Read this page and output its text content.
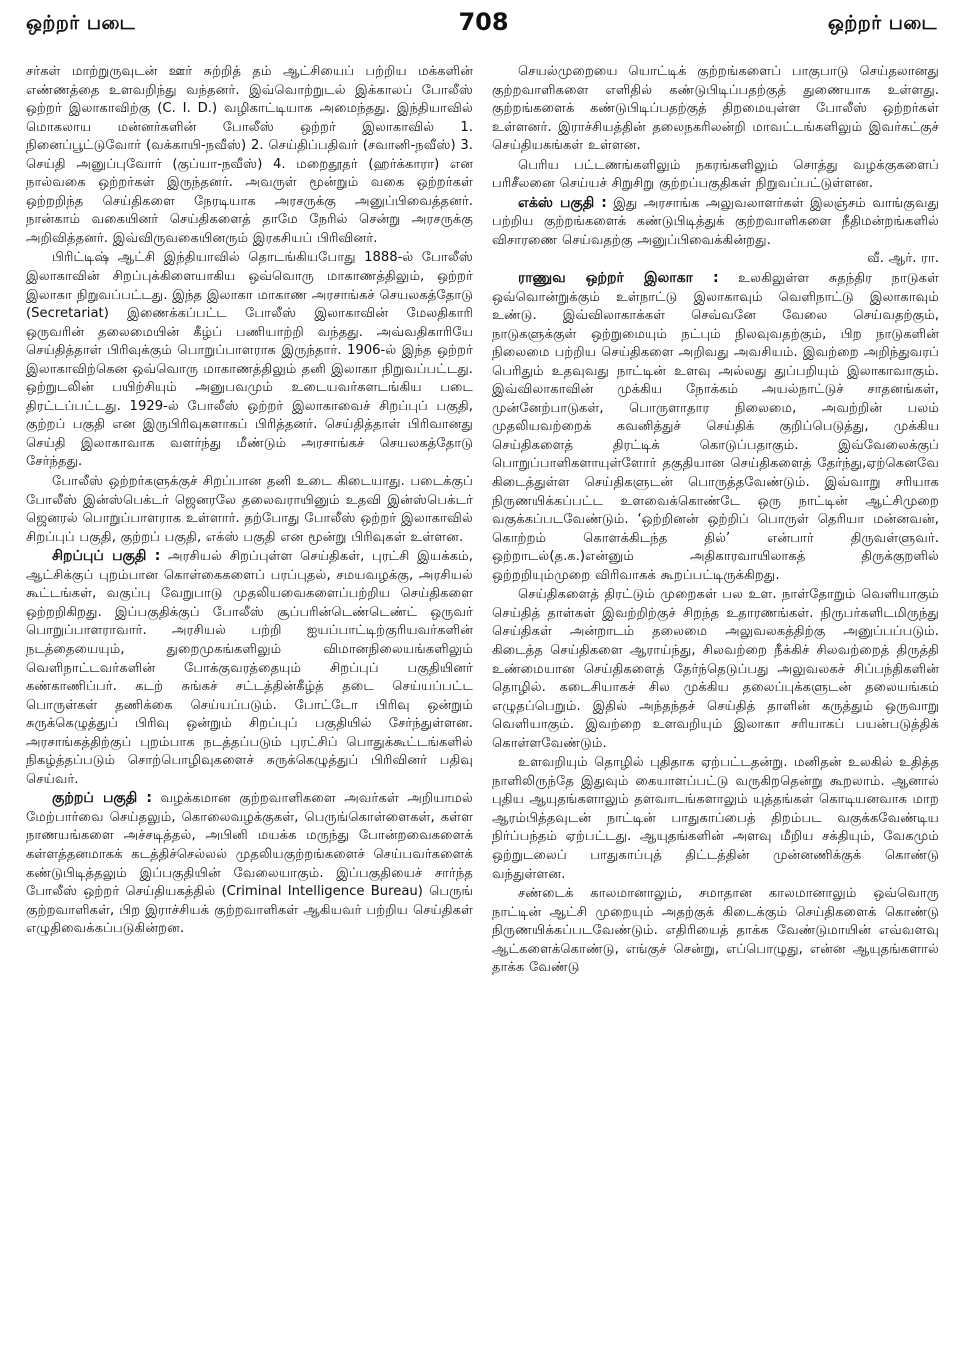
ஒற்றர் படை	708	ஒற்றர் படை

சர்கள் மாற்றுருவுடன் ஊர் சுற்றித் தம் ஆட்சியைப் பற்றிய மக்களின் எண்ணத்தை உளவறிந்து வந்தனர். இவ்வொற்றுடல் இக்காலப் போலீஸ் ஒற்றர் இலாகாவிற்கு (C. I. D.) வழிகாட்டியாக அமைந்தது. இந்தியாவில் மொகலாய மன்னர்களின் போலீஸ் ஒற்றர் இலாகாவில் 1. நினைப்பூட்டுவோர் (வக்காயி-நவீஸ்) 2. செய்திப்பதிவர் (சவானி-நவீஸ்) 3. செய்தி அனுப்புவோர் (குப்யா-நவீஸ்) 4. மறைதூதர் (ஹர்க்காரா) என நால்வகை ஒற்றர்கள் இருந்தனர். அவருள் மூன்றும் வகை ஒற்றர்கள் ஒற்றறிந்த செய்திகளை நேரடியாக அரசருக்கு அனுப்பிவைத்தனர். நான்காம் வகையினர் செய்திகளைத் தாமே நேரில் சென்று அரசருக்கு அறிவித்தனர். இவ்விருவகையினரும் இரகசியப் பிரிவினர்.

பிரிட்டிஷ் ஆட்சி இந்தியாவில் தொடங்கியபோது 1888-ல் போலீஸ் இலாகாவின் சிறப்புக்கிளையாகிய ஒவ்வொரு மாகாணத்திலும், ஒற்றர் இலாகா நிறுவப்பட்டது. இந்த இலாகா மாகாண அரசாங்கச் செயலகத்தோடு (Secretariat) இணைக்கப்பட்ட போலீஸ் இலாகாவின் மேலதிகாரி ஒருவரின் தலைமையின் கீழ்ப் பணியாற்றி வந்தது. அவ்வதிகாரியே செய்தித்தாள் பிரிவுக்கும் பொறுப்பாளராக இருந்தார். 1906-ல் இந்த ஒற்றர் இலாகாவிற்கென ஒவ்வொரு மாகாணத்திலும் தனி இலாகா நிறுவப்பட்டது. ஒற்றுடலின் பயிற்சியும் அனுபவமும் உடையவர்களடங்கிய படை திரட்டப்பட்டது. 1929-ல் போலீஸ் ஒற்றர் இலாகாவைச் சிறப்புப் பகுதி, குற்றப் பகுதி என இருபிரிவுகளாகப் பிரித்தனர். செய்தித்தாள் பிரிவானது செய்தி இலாகாவாக வளர்ந்து மீண்டும் அரசாங்கச் செயலகத்தோடு சேர்ந்தது.

போலீஸ் ஒற்றர்களுக்குச் சிறப்பான தனி உடை கிடையாது. படைக்குப் போலீஸ் இன்ஸ்பெக்டர் ஜெனரலே தலைவராயினும் உதவி இன்ஸ்பெக்டர் ஜெனரல் பொறுப்பாளராக உள்ளார். தற்போது போலீஸ் ஒற்றர் இலாகாவில் சிறப்புப் பகுதி, குற்றப் பகுதி, எக்ஸ் பகுதி என மூன்று பிரிவுகள் உள்ளன.

சிறப்புப் பகுதி : அரசியல் சிறப்புள்ள செய்திகள், புரட்சி இயக்கம், ஆட்சிக்குப் புறம்பான கொள்கைகளைப் பரப்புதல், சமயவழக்கு, அரசியல் கூட்டங்கள், வகுப்பு வேறுபாடு முதலியவைகளைப்பற்றிய செய்திகளை ஒற்றறிகிறது. இப்பகுதிக்குப் போலீஸ் சூப்பரின்டெண்டெண்ட் ஒருவர் பொறுப்பாளராவார். அரசியல் பற்றி ஐயப்பாட்டிற்குரியவர்களின் நடத்தையையும், துறைமுகங்களிலும் விமானநிலையங்களிலும் வெளிநாட்டவர்களின் போக்குவரத்தையும் சிறப்புப் பகுதியினர் கண்காணிப்பர். கடற் சுங்கச் சட்டத்தின்கீழ்த் தடை செய்யப்பட்ட பொருள்கள் தணிக்கை செய்யப்படும். போட்டோ பிரிவு ஒன்றும் சுருக்கெழுத்துப் பிரிவு ஒன்றும் சிறப்புப் பகுதியில் சேர்ந்துள்ளன. அரசாங்கத்திற்குப் புறம்பாக நடத்தப்படும் புரட்சிப் பொதுக்கூட்டங்களில் நிகழ்த்தப்படும் சொற்பொழிவுகளைச் சுருக்கெழுத்துப் பிரிவினர் பதிவு செய்வர்.

குற்றப் பகுதி : வழக்கமான குற்றவாளிகளை அவர்கள் அறியாமல் மேற்பார்வை செய்தலும், கொலைவழக்குகள், பெருங்கொள்ளைகள், கள்ள நாணயங்களை அச்சடித்தல், அபினி மயக்க மருந்து போன்றவைகளைக் கள்ளத்தனமாகக் கடத்திச்செல்லல் முதலியகுற்றங்களைச் செய்பவர்களைக் கண்டுபிடித்தலும் இப்பகுதியின் வேலையாகும். இப்பகுதியைச் சார்ந்த போலீஸ் ஒற்றர் செய்தியகத்தில் (Criminal Intelligence Bureau) பெருங் குற்றவாளிகள், பிற இராச்சியக் குற்றவாளிகள் ஆகியவர் பற்றிய செய்திகள் எழுதிவைக்கப்படுகின்றன.

செயல்முறையை யொட்டிக் குற்றங்களைப் பாகுபாடு செய்தலானது குற்றவாளிகளை எளிதில் கண்டுபிடிப்பதற்குத் துணையாக உள்ளது. குற்றங்களைக் கண்டுபிடிப்பதற்குத் திறமையுள்ள போலீஸ் ஒற்றர்கள் உள்ளனர். இராச்சியத்தின் தலைநகரிலன்றி மாவட்டங்களிலும் இவர்கட்குச் செய்தியகங்கள் உள்ளன.

பெரிய பட்டணங்களிலும் நகரங்களிலும் சொத்து வழக்குகளைப் பரிசீலனை செய்யச் சிறுசிறு குற்றப்பகுதிகள் நிறுவப்பட்டுள்ளன.

எக்ஸ் பகுதி : இது அரசாங்க அலுவலாளர்கள் இலஞ்சம் வாங்குவது பற்றிய குற்றங்களைக் கண்டுபிடித்துக் குற்றவாளிகளை நீதிமன்றங்களில் விசாரணை செய்வதற்கு அனுப்பிவைக்கின்றது.

வீ. ஆர். ரா.

ராணுவ ஒற்றர் இலாகா : உலகிலுள்ள சுதந்திர நாடுகள் ஒவ்வொன்றுக்கும் உள்நாட்டு இலாகாவும் வெளிநாட்டு இலாகாவும் உண்டு. இவ்விலாகாக்கள் செவ்வனே வேலை செய்வதற்கும், நாடுகளுக்குள் ஒற்றுமையும் நட்பும் நிலவுவதற்கும், பிற நாடுகளின் நிலைமை பற்றிய செய்திகளை அறிவது அவசியம். இவற்றை அறிந்துவரப் பெரிதும் உதவுவது நாட்டின் உளவு அல்லது துப்பறியும் இலாகாவாகும். இவ்விலாகாவின் முக்கிய நோக்கம் அயல்நாட்டுச் சாதனங்கள், முன்னேற்பாடுகள், பொருளாதார நிலைமை, அவற்றின் பலம் முதலியவற்றைக் கவனித்துச் செய்திக் குறிப்பெடுத்து, முக்கிய செய்திகளைத் திரட்டிக் கொடுப்பதாகும். இவ்வேலைக்குப் பொறுப்பாளிகளாயுள்ளோர் தகுதியான செய்திகளைத் தேர்ந்து,ஏற்கெனவே கிடைத்துள்ள செய்திகளுடன் பொருத்தவேண்டும். இவ்வாறு சரியாக நிருணயிக்கப்பட்ட உளவைக்கொண்டே ஒரு நாட்டின் ஆட்சிமுறை வகுக்கப்படவேண்டும். ‘ஒற்றினன் ஒற்றிப் பொருள் தெரியா மன்னவன், கொற்றம் கொளக்கிடந்த தில்’ என்பார் திருவள்ளுவர். ஒற்றாடல்(த.க.)என்னும் அதிகாரவாயிலாகத் திருக்குறளில் ஒற்றறியும்முறை விரிவாகக் கூறப்பட்டிருக்கிறது.

செய்திகளைத் திரட்டும் முறைகள் பல உள. நாள்தோறும் வெளியாகும் செய்தித் தாள்கள் இவற்றிற்குச் சிறந்த உதாரணங்கள். நிருபர்களிடமிருந்து செய்திகள் அன்றாடம் தலைமை அலுவலகத்திற்கு அனுப்பப்படும். கிடைத்த செய்திகளை ஆராய்ந்து, சிலவற்றை நீக்கிச் சிலவற்றைத் திருத்தி உண்மையான செய்திகளைத் தேர்ந்தெடுப்பது அலுவலகச் சிப்பந்திகளின் தொழில். கடைசியாகச் சில முக்கிய தலைப்புக்களுடன் தலையங்கம் எழுதப்பெறும். இதில் அந்தந்தச் செய்தித் தாளின் கருத்தும் ஒருவாறு வெளியாகும். இவற்றை உளவறியும் இலாகா சரியாகப் பயன்படுத்திக் கொள்ளவேண்டும்.

உளவறியும் தொழில் புதிதாக ஏற்பட்டதன்று. மனிதன் உலகில் உதித்த நாளிலிருந்தே இதுவும் கையாளப்பட்டு வருகிறதென்று கூறலாம். ஆனால் புதிய ஆயுதங்களாலும் தளவாடங்களாலும் யுத்தங்கள் கொடியனவாக மாற ஆரம்பித்தவுடன் நாட்டின் பாதுகாப்பைத் திறம்பட வகுக்கவேண்டிய நிர்ப்பந்தம் ஏற்பட்டது. ஆயுதங்களின் அளவு மீறிய சக்தியும், வேகமும் ஒற்றுடலைப் பாதுகாப்புத் திட்டத்தின் முன்னணிக்குக் கொண்டு வந்துள்ளன.

சண்டைக் காலமானாலும், சமாதான காலமானாலும் ஒவ்வொரு நாட்டின் ஆட்சி முறையும் அதற்குக் கிடைக்கும் செய்திகளைக் கொண்டு நிருணயிக்கப்படவேண்டும். எதிரியைத் தாக்க வேண்டுமாயின் எவ்வளவு ஆட்களைக்கொண்டு, எங்குச் சென்று, எப்பொழுது, என்ன ஆயுதங்களால் தாக்க வேண்டு
